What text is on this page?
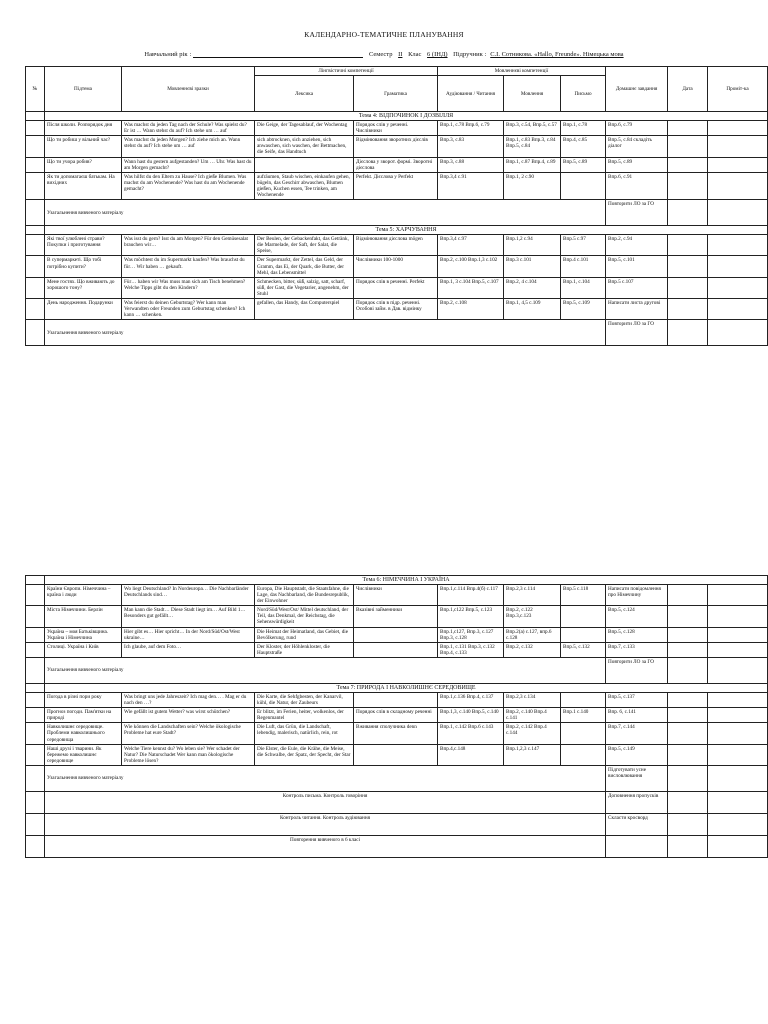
КАЛЕНДАРНО-ТЕМАТИЧНЕ ПЛАНУВАННЯ
Навчальний рік :	Семестр II Клас 6 (ІНД) Підручник : С.І. Сотникова. «Hallo, Freunde». Німецька мова
№	Підтема	Мовленнєві зразки	Лінгвістичні компетенції		Мовленнєві компетенції			Домашнє завдання	Дата	Проміт-ка
			Лексика	Граматика	Аудіювання / Читання	Мовлення	Письмо			
	Тема 4: ВІДПОЧИНОК І ДОЗВІЛЛЯ									
	Після школи. Розпорядок дня	Was machst du jeden Tag nach der Schule? Was spielst du? Er ist … Wann stehst du auf? Ich stehe um … auf	Die Geige, der Tagesablauf, der Wochentag	Порядок слів у реченні. Числівники	Впр.1, с.78 Впр.6, с.79	Впр.3, с.54, Впр.5, с.57	Впр.1, с.78	Впр.6, с.79		
	Що ти робиш у вільний час?	Was machst du jeden Morgen? Ich ziehe mich an. Wann stehst du auf? Ich stehe um … auf	sich abtrocknen, sich anziehen, sich anwaschen, sich waschen, der Bettmachen, die Seife, das Handtuch	Відмінювання зворотних дієслів	Впр.3, с.83	Впр.1, с.83 Впр.3, с.84 Впр.5, с.84	Впр.4, с.85	Впр.5, с.84 складіть діалог		
	Що ти учора робив?	Wann hast du gestern aufgestanden? Um … Uhr. Was hast du am Morgen gemacht?		Дієслова у зворот. формі. Зворотні дієслова	Впр.3, с.88	Впр.1, с.87 Впр.4, с.89	Впр.5, с.89	Впр.5, с.89		
	Як ти допомагаєш батькам. На вихідних	Was hilfst du den Eltern zu Hause? Ich gieße Blumen. Was machst du am Wochenende? Was hast du am Wochenende gemacht?	aufräumen, Staub wischen, einkaufen gehen, bügeln, das Geschirr abwaschen, Blumen gießen, Kuchen essen, Tee trinken, am Wochenende	Perfekt. Дієслова у Perfekt	Впр.3,4 с.91	Впр.1, 2 с.90		Впр.6, с.91		
	Узагальнення вивченого матеріалу							Повторити ЛО за ГО		
	Тема 5: ХАРЧУВАННЯ									
	Які твої улюблені страви? Покупки і приготування	Was isst du gern? Isst du am Morgen? Für den Gemüsesalat brauchen wir…	Der Beulen, der Gebackenfakt, das Getränk, die Marmelade, der Saft, der Salat, die Speise,	Відмінювання дієслова mögen	Впр.3,4 с.97	Впр.1,2 с.94	Впр.5 с.97	Впр.2, с.94		
	В супермаркеті. Що тобі потрібно купити?	Was möchtest du im Supermarkt kaufen? Was brauchst du für… Wir haben … gekauft.	Der Supermarkt, der Zettel, das Geld, der Gramm, das Ei, der Quark, die Butter, der Mehl, das Lebensmittel	Числівники 100-1000	Впр.2, с.100 Впр.1,3 с.102	Впр.3 с.101	Впр.4 с.101	Впр.5, с.101		
	Мене гостях. Що вживають до хорошого тону?	Für… haben wir Was muss man sich am Tisch benehmen? Welche Tipps gibt du den Kindern?	Schmecken, bitter, süß, salzig, satt, scharf, süß, der Gast, die Vegetarier, angenehm, der Stuhl	Порядок слів в реченні. Perfekt	Впр.1, 3 с.104 Впр.5, с.107	Впр.2, 4 с.104	Впр.1, с.104	Впр.5 с.107		
	День народження. Подарунки	Was feierst du deinen Geburtstag? Wer kann man Verwandten oder Freunden zum Geburtstag schenken? Ich kann … schenken.	gefallen, das Handy, das Computerspiel	Порядок слів в підр. реченні. Особові займ. в Дав. відмінку	Впр.2, с.108	Впр.1, 4,5 с.109	Впр.5, с.109	Написати листа другові		
	Узагальнення вивченого матеріалу							Повторити ЛО за ГО		
	Тема 6: НІМЕЧЧИНА І УКРАЇНА									
	Країни Європи. Німеччина – країна і люди	Wo liegt Deutschland? In Nordeuropa… Die Nachbarländer Deutschlands sind…	Europa, Die Hauptstadt, die Staatsfahne, die Lage, das Nachbarland, die Bundesrepublik, der Einwohner	Числівники	Впр.1,с.114 Впр.4(б) с.117	Впр.2,3 с.114	Впр.5 с.118	Написати повідомлення про Німеччину		
	Міста Німеччини. Берлін	Man kann die Stadt… Diese Stadt liegt im… Auf Bild 1… Besonders gut gefällt…	Nord/Süd/West/Ost/ Mittel deutschland, der Teil, das Denkmal, der Reichstag, die Sehenswürdigkeit	Вказівні займенники	Впр.1,с122 Впр.5, с.123	Впр.2, с.122 Впр.3,с.123		Впр.5, с.124		
	Україна – моя Батьківщина. Україна і Німеччина	Hier gibt es… Hier spricht… In der Nord/Süd/Ost/West ukraine…	Die Heimat der Heimatland, das Gebiet, die Bevölkerung, rund		Впр.1,с127, Впр.3, с.127 Впр.3, с.128	Впр.2(а) с.127, впр.6 с.128		Впр.5, с.128		
	Столиці. Україна і Київ	Ich glaube, auf dem Foto…	Der Kloster, der Höhlenkloster, die Hauptstraße		Впр.1, с.131 Впр.3, с.132 Впр.4, с.133	Впр.2, с.132	Впр.5, с.132	Впр.7, с.133		
	Узагальнення вивченого матеріалу							Повторити ЛО за ГО		
	Тема 7: ПРИРОДА І НАВКОЛИШНЄ СЕРЕДОВИЩЕ									
	Погода в різні пори року	Was bringt uns jede Jahreszeit? Ich mag den… . Mag er du nach den …?	Die Karte, die Sehfgbesten, der Kanarvil, kühl, die Natur, der Zaubeurs		Впр.1,с.136 Впр.4, с.137	Впр.2,3 с.134		Впр.5, с.137		
	Прогноз погоди. Пам'ятки на природі	Wie gefällt ist gutem Wetter? was wirst schütchen?	Er blitzt, im Ferien, heiter, wolkenlos, der Regenmantel	Порядок слів в складному реченні	Впр.1,3, с.140 Впр.5, с.140	Впр.2, с.140 Впр.4 с.141	Впр.1 с.140	Впр. 6, с.141		
	Навколишнє середовище. Проблеми навколишнього середовища	Wie können die Landschaften sein? Welche ökologische Probleme hat eure Stadt?	Die Luft, das Grün, die Landschaft, lebendig, malerisch, natürlich, rein, rot	Вживання сполучника denn	Впр.1, с.142 Впр.6 с.143	Впр.2, с.142 Впр.4 с.144		Впр.7, с.144		
	Наші друзі і тварини. Як бережемо навколишнє середовище	Welche Tiere kennst du? Wo leben sie? Wer schadet der Natur? Die Naturschadet Wer kann man ökologische Probleme lösen?	Die Elster, die Eule, die Krähe, die Meise, die Schwalbe, der Spatz, der Specht, der Star		Впр.4,с.148	Впр.1,2,3 с.147		Впр.5, с.149		
	Узагальнення вивченого матеріалу							Підготувати усне висловлювання		
	Контроль письма. Контроль говоріння							Доповнення пропусків		
	Контроль читання. Контроль аудіювання							Скласти кросворд		
	Повторення вивченого в 6 класі									
